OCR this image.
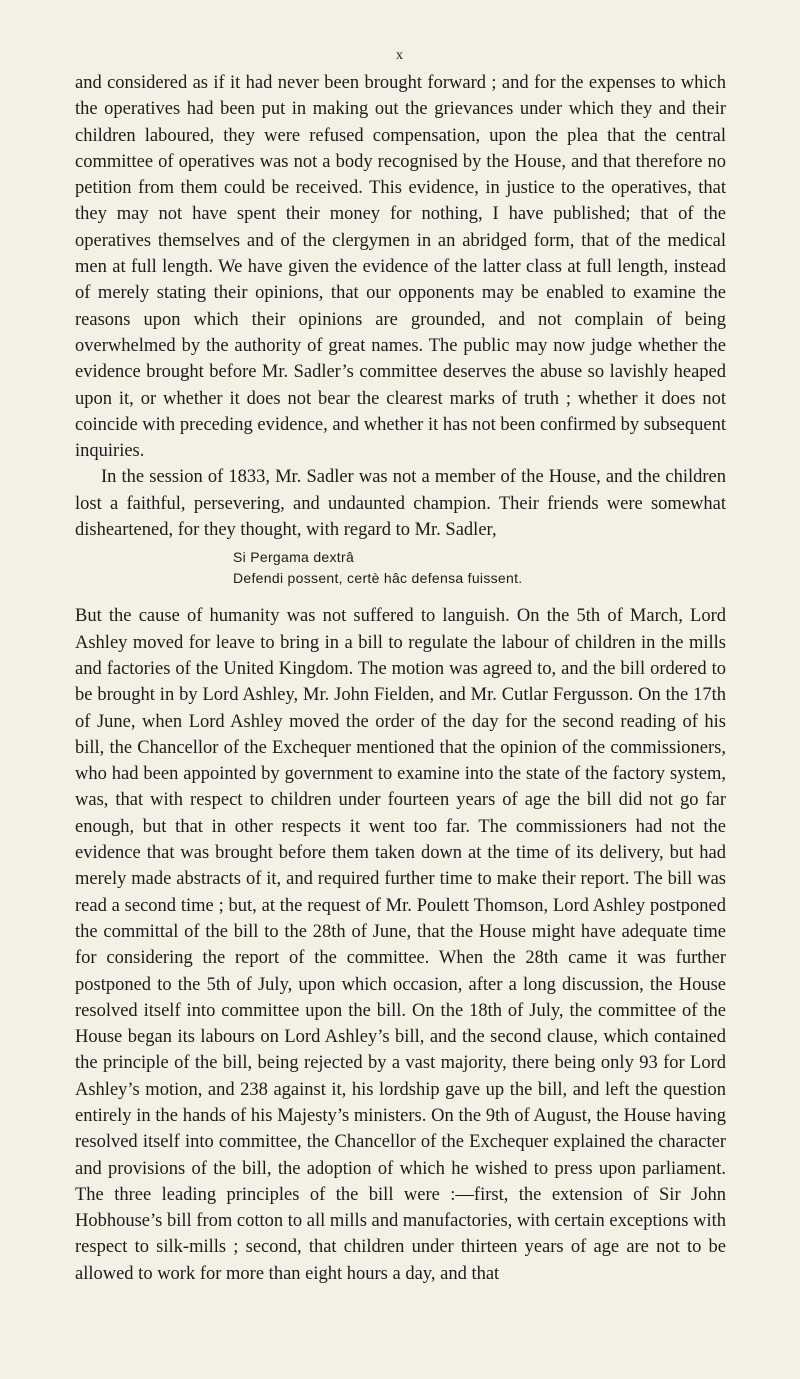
x

and considered as if it had never been brought forward ; and for the expenses to which the operatives had been put in making out the grievances under which they and their children laboured, they were refused compensation, upon the plea that the central committee of operatives was not a body recognised by the House, and that therefore no petition from them could be received. This evidence, in justice to the operatives, that they may not have spent their money for nothing, I have published; that of the operatives themselves and of the clergymen in an abridged form, that of the medical men at full length. We have given the evidence of the latter class at full length, instead of merely stating their opinions, that our opponents may be enabled to examine the reasons upon which their opinions are grounded, and not complain of being overwhelmed by the authority of great names. The public may now judge whether the evidence brought before Mr. Sadler’s committee deserves the abuse so lavishly heaped upon it, or whether it does not bear the clearest marks of truth ; whether it does not coincide with preceding evidence, and whether it has not been confirmed by subsequent inquiries.

In the session of 1833, Mr. Sadler was not a member of the House, and the children lost a faithful, persevering, and undaunted champion. Their friends were somewhat disheartened, for they thought, with regard to Mr. Sadler,

Si Pergama dextrâ
Defendi possent, certè hâc defensa fuissent.

But the cause of humanity was not suffered to languish. On the 5th of March, Lord Ashley moved for leave to bring in a bill to regulate the labour of children in the mills and factories of the United Kingdom. The motion was agreed to, and the bill ordered to be brought in by Lord Ashley, Mr. John Fielden, and Mr. Cutlar Fergusson. On the 17th of June, when Lord Ashley moved the order of the day for the second reading of his bill, the Chancellor of the Exchequer mentioned that the opinion of the commissioners, who had been appointed by government to examine into the state of the factory system, was, that with respect to children under fourteen years of age the bill did not go far enough, but that in other respects it went too far. The commissioners had not the evidence that was brought before them taken down at the time of its delivery, but had merely made abstracts of it, and required further time to make their report. The bill was read a second time ; but, at the request of Mr. Poulett Thomson, Lord Ashley postponed the committal of the bill to the 28th of June, that the House might have adequate time for considering the report of the committee. When the 28th came it was further postponed to the 5th of July, upon which occasion, after a long discussion, the House resolved itself into committee upon the bill. On the 18th of July, the committee of the House began its labours on Lord Ashley’s bill, and the second clause, which contained the principle of the bill, being rejected by a vast majority, there being only 93 for Lord Ashley’s motion, and 238 against it, his lordship gave up the bill, and left the question entirely in the hands of his Majesty’s ministers. On the 9th of August, the House having resolved itself into committee, the Chancellor of the Exchequer explained the character and provisions of the bill, the adoption of which he wished to press upon parliament. The three leading principles of the bill were :—first, the extension of Sir John Hobhouse’s bill from cotton to all mills and manufactories, with certain exceptions with respect to silk-mills ; second, that children under thirteen years of age are not to be allowed to work for more than eight hours a day, and that
